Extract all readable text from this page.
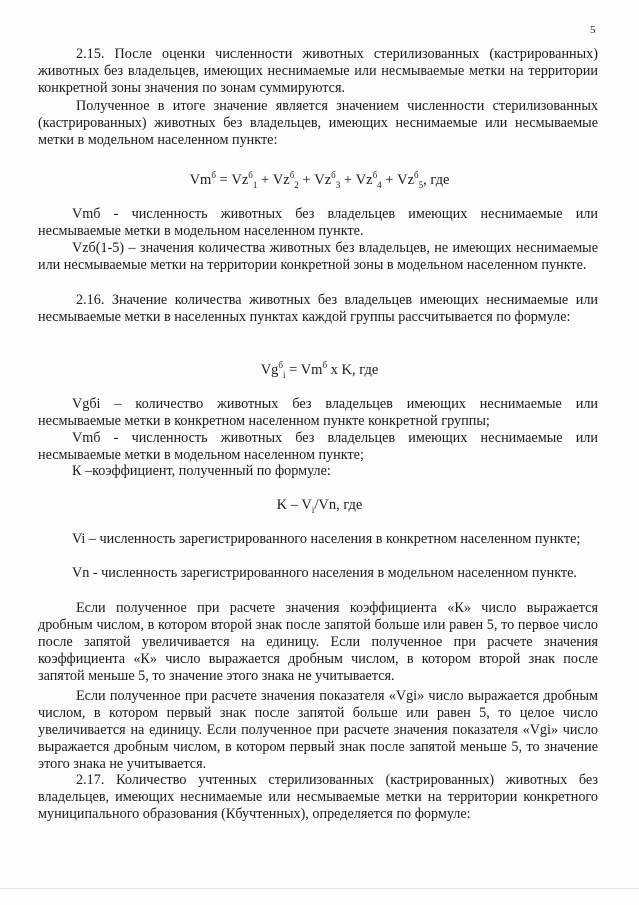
5

2.15. После оценки численности животных стерилизованных (кастрированных) животных без владельцев, имеющих неснимаемые или несмываемые метки на территории конкретной зоны значения по зонам суммируются.

Полученное в итоге значение является значением численности стерилизованных (кастрированных) животных без владельцев, имеющих неснимаемые или несмываемые метки в модельном населенном пункте:

$Vm^б = Vz^б_1 + Vz^б_2 + Vz^б_3 + Vz^б_4 + Vz^б_5$, где

Vmб - численность животных без владельцев имеющих неснимаемые или несмываемые метки в модельном населенном пункте.

Vzб(1-5) – значения количества животных без владельцев, не имеющих неснимаемые или несмываемые метки на территории конкретной зоны в модельном населенном пункте.

2.16. Значение количества животных без владельцев имеющих неснимаемые или несмываемые метки в населенных пунктах каждой группы рассчитывается по формуле:

$Vg^б_i = Vm^б$ x K, где

Vgбi – количество животных без владельцев имеющих неснимаемые или несмываемые метки в конкретном населенном пункте конкретной группы;

Vmб - численность животных без владельцев имеющих неснимаемые или несмываемые метки в модельном населенном пункте;

К –коэффициент, полученный по формуле:

K – $V_i/Vn$, где

Vi – численность зарегистрированного населения в конкретном населенном пункте;

Vn - численность зарегистрированного населения в модельном населенном пункте.

Если полученное при расчете значения коэффициента «К» число выражается дробным числом, в котором второй знак после запятой больше или равен 5, то первое число после запятой увеличивается на единицу. Если полученное при расчете значения коэффициента «К» число выражается дробным числом, в котором второй знак после запятой меньше 5, то значение этого знака не учитывается.

Если полученное при расчете значения показателя «Vgi» число выражается дробным числом, в котором первый знак после запятой больше или равен 5, то целое число увеличивается на единицу. Если полученное при расчете значения показателя «Vgi» число выражается дробным числом, в котором первый знак после запятой меньше 5, то значение этого знака не учитывается.

2.17. Количество учтенных стерилизованных (кастрированных) животных без владельцев, имеющих неснимаемые или несмываемые метки на территории конкретного муниципального образования (Кбучтенных), определяется по формуле:
